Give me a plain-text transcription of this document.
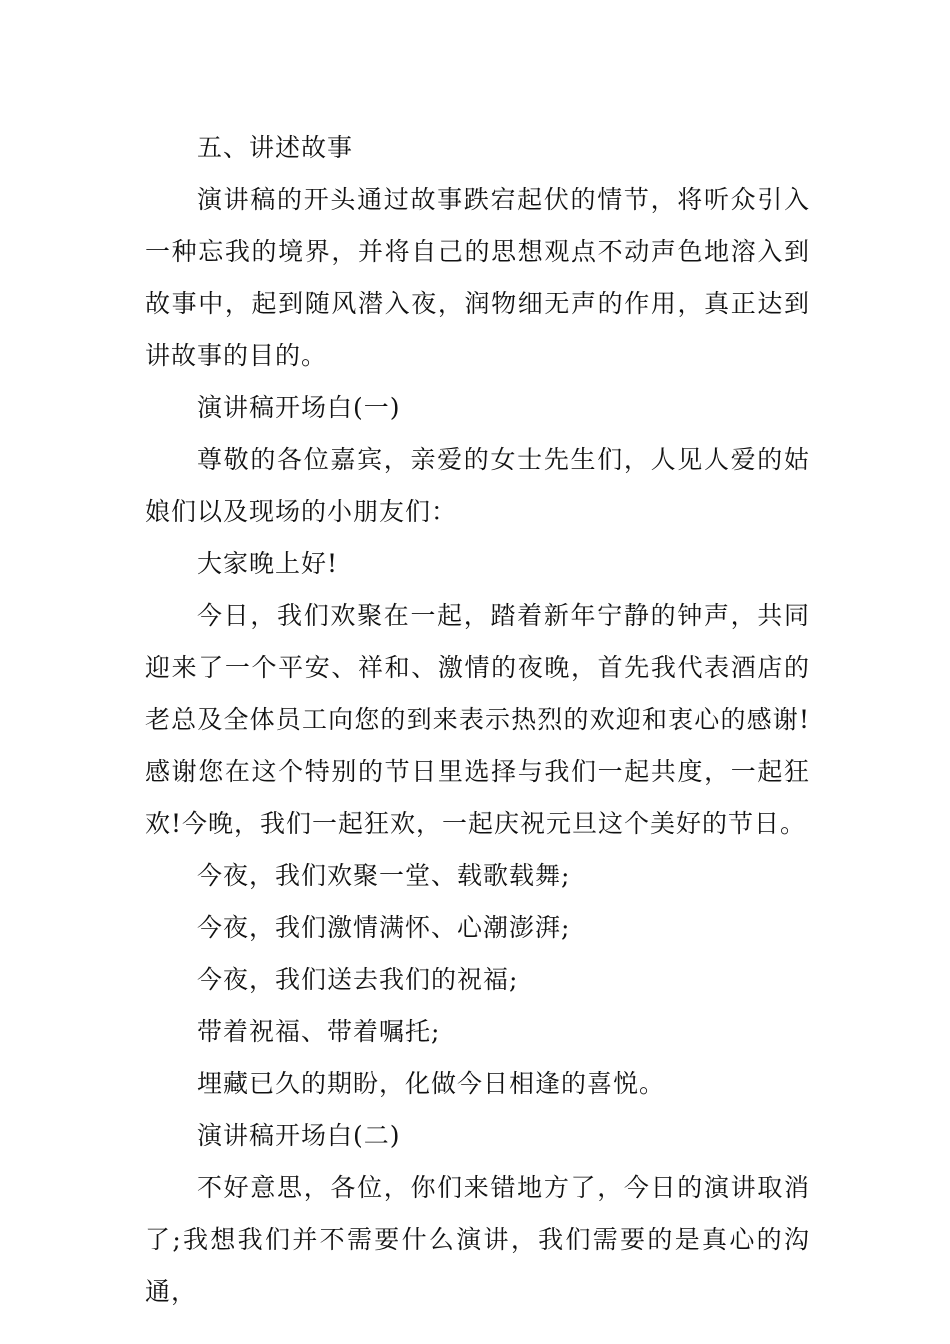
五、讲述故事

演讲稿的开头通过故事跌宕起伏的情节，将听众引入一种忘我的境界，并将自己的思想观点不动声色地溶入到故事中，起到随风潜入夜，润物细无声的作用，真正达到讲故事的目的。

演讲稿开场白(一)

尊敬的各位嘉宾，亲爱的女士先生们，人见人爱的姑娘们以及现场的小朋友们：

大家晚上好!

今日，我们欢聚在一起，踏着新年宁静的钟声，共同迎来了一个平安、祥和、激情的夜晚，首先我代表酒店的老总及全体员工向您的到来表示热烈的欢迎和衷心的感谢!感谢您在这个特别的节日里选择与我们一起共度，一起狂欢!今晚，我们一起狂欢，一起庆祝元旦这个美好的节日。

今夜，我们欢聚一堂、载歌载舞;

今夜，我们激情满怀、心潮澎湃;

今夜，我们送去我们的祝福;

带着祝福、带着嘱托;

埋藏已久的期盼，化做今日相逢的喜悦。

演讲稿开场白(二)

不好意思，各位，你们来错地方了，今日的演讲取消了;我想我们并不需要什么演讲，我们需要的是真心的沟通，
